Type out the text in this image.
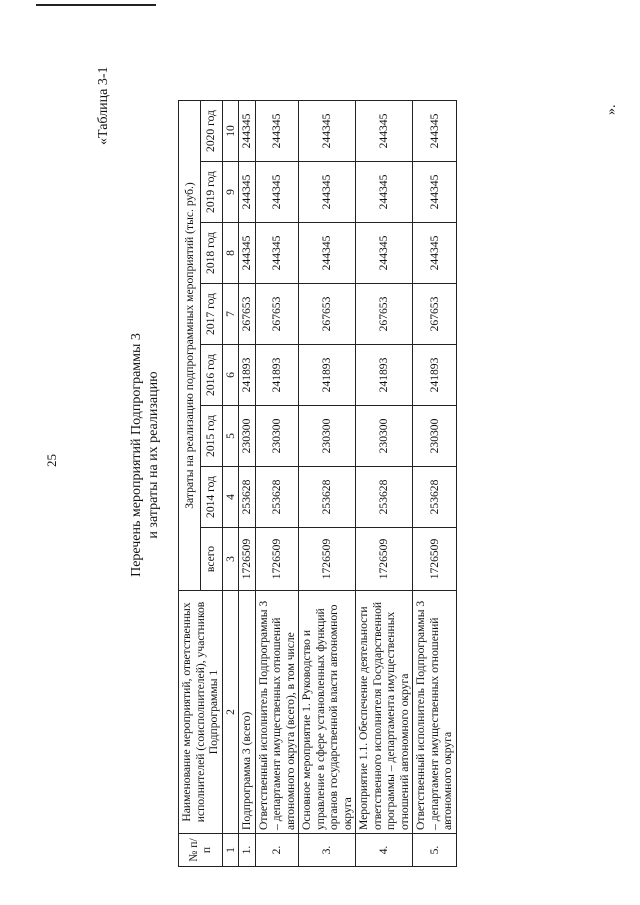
25
«Таблица 3-1
Перечень мероприятий Подпрограммы 3 и затраты на их реализацию
№ п/п	Наименование мероприятий, ответственных исполнителей (соисполнителей), участников Подпрограммы 1	Затраты на реализацию подпрограммных мероприятий (тыс. руб.)							
		всего	2014 год	2015 год	2016 год	2017 год	2018 год	2019 год	2020 год
1	2	3	4	5	6	7	8	9	10
1.	Подпрограмма 3 (всего)	1726509	253628	230300	241893	267653	244345	244345	244345
2.	Ответственный исполнитель Подпрограммы 3 – департамент имущественных отношений автономного округа (всего), в том числе	1726509	253628	230300	241893	267653	244345	244345	244345
3.	Основное мероприятие 1. Руководство и управление в сфере установленных функций органов государственной власти автономного округа	1726509	253628	230300	241893	267653	244345	244345	244345
4.	Мероприятие 1.1. Обеспечение деятельности ответственного исполнителя Государственной программы – департамента имущественных отношений автономного округа	1726509	253628	230300	241893	267653	244345	244345	244345
5.	Ответственный исполнитель Подпрограммы 3 – департамент имущественных отношений автономного округа	1726509	253628	230300	241893	267653	244345	244345	244345
».
